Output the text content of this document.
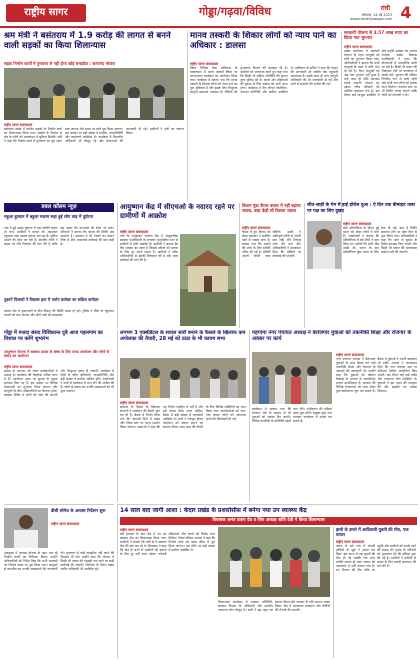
राष्ट्रीय सागर	गोड्डा/गढ़वा/विविध	रांची
सोमवार, 14 मई 2023
www.rashtriyasagar.com 4
श्रम मंत्री ने बसंतराय में 1.9 करोड़ की लागत से बनने वाली सड़कों का किया शिलान्यास
सड़क निर्माण कार्यों में गुणवत्ता से नहीं होगा कोई समझौता : सत्यानंद भोक्ता
राष्ट्रीय सागर संवाददाता

बसंतराय प्रखंड में ग्रामीण सड़कों के निर्माण कार्य का शिलान्यास किया गया। सड़कों के निर्माण से क्षेत्र के लोगों को आवागमन में सुविधा मिलेगी। मंत्री ने कहा कि निर्माण कार्य में गुणवत्ता का पूरा ध्यान रखा जाएगा और समय पर कार्य पूरा किया जाएगा। इस अवसर पर बड़ी संख्या में ग्रामीण, जनप्रतिनिधि और कार्यकर्ता उपस्थित थे। कार्यक्रम में विभागीय अधिकारी भी मौजूद रहे और योजनाओं की जानकारी दी गई। ग्रामीणों ने मंत्री का स्वागत किया।

मानव तस्करी के शिकार लोगों को न्याय पाने का अधिकार : डालसा
राष्ट्रीय सागर संवाददाता

जिला विधिक सेवा प्राधिकार के तत्वावधान में मानव तस्करी विषय पर जागरूकता कार्यक्रम का आयोजन किया गया। कार्यक्रम में बताया गया कि मानव तस्करी के शिकार लोगों को न्याय पाने का पूरा अधिकार है और इसके लिए निःशुल्क कानूनी सहायता उपलब्ध है। पीड़ितों को मुआवजा दिलाने की व्यवस्था भी है। ग्रामीणों को जागरूक करते हुए कहा गया कि किसी भी संदिग्ध गतिविधि की सूचना तुरंत पुलिस को दें। बच्चों और महिलाओं की सुरक्षा के लिए समाज को आगे आना होगा। कार्यक्रम में पैरा लीगल वॉलंटियर, पंचायत प्रतिनिधि और ग्रामीण उपस्थित थे। प्राधिकार के सचिव ने कहा कि कानून की जानकारी हर व्यक्ति तक पहुंचानी आवश्यक है। इसके साथ ही अन्य कानूनी अधिकारों की भी जानकारी दी गई और सभी से सहयोग की अपील की गई।

सरकारी योजना से 3.57 लाख रुपए का किया गया भुगतान
राष्ट्रीय सागर संवाददाता

प्रखंड कार्यालय में सरकारी योजना के तहत लाभुकों को राशि का भुगतान किया गया। अधिकारियों ने बताया कि सभी लाभुकों के खाते में राशि भेज दी गई है। जिन लाभुकों को अब तक भुगतान नहीं हुआ है उन्हें जल्द ही राशि उपलब्ध कराई जाएगी। योजना का उद्देश्य गरीब परिवारों को आर्थिक सहायता देना है। इस दौरान कई लाभुक उपस्थित थे और उन्होंने सरकार का आभार जताया। प्रखंड विकास पदाधिकारी ने कहा कि योजनाओं में पारदर्शिता बरती जा रही है। किसी भी प्रकार की शिकायत होने पर कार्यालय में संपर्क करें। भुगतान की प्रक्रिया नियमित रूप से जारी रहेगी और सभी पात्र लोगों को इसका लाभ मिलेगा। पंचायत स्तर पर भी शिविर लगाए जाएंगे ताकि लोगों को परेशानी न हो।

डबल कॉलम न्यूज़
महुआ हुल्यान में बहुला मकाम सहा हुई लोग ताड़ में दुर्घटना

गांव में हुई सड़क दुर्घटना में एक व्यक्ति घायल हो गया। ग्रामीणों ने घायल को अस्पताल पहुंचाया जहां उसका इलाज चल रहा है। पुलिस मामले की जांच कर रही है। स्थानीय लोगों ने सड़क पर गति नियंत्रण की मांग की है ताकि इस प्रकार की घटनाओं को रोका जा सके। परिजनों ने बताया कि घायल की स्थिति अब सामान्य है। प्रशासन ने भी मामले का संज्ञान लिया है और आवश्यक कार्रवाई की बात कही है।

आयुष्मान केंद्र में सीएचओ के नदारद रहने पर ग्रामीणों में आक्रोश
राष्ट्रीय सागर संवाददाता

गांव के आयुष्मान आरोग्य केंद्र में सामुदायिक स्वास्थ्य पदाधिकारी के लगातार अनुपस्थित रहने से ग्रामीणों में भारी आक्रोश है। ग्रामीणों ने बताया कि केंद्र अक्सर बंद रहता है जिससे मरीजों को इलाज के लिए दूर जाना पड़ता है। ग्रामीणों ने वरीय अधिकारियों से इसकी शिकायत की है और जल्द कार्रवाई की मांग की है।

किशन मुंडा कैंपस बवाल में नहीं बढ़ाया जवाब, कहा केंद्री सी विशला जवाब
राष्ट्रीय सागर संवाददाता

कैंपस में हुए विवाद को लेकर प्रशासन ने संबंधित पक्षों से जवाब मांगा है। बताया गया कि मामले की जांच के लिए समिति गठित की गई है। समिति अपनी रिपोर्ट जल्द सौंपेगी। छात्रों ने शांतिपूर्ण तरीके से अपनी बात रखी और निष्पक्ष जांच की मांग की। अधिकारियों ने आश्वासन दिया कि दोषियों पर कार्रवाई की जाएगी।

जीत-साही के गेम में हाई होरोल दुआ : ऐ दिन तक बीमाहत ताबा पर पक्ष का लिए दुखद
राष्ट्रीय सागर संवाददाता

खेल प्रतियोगिता के दौरान हुई घटना को लेकर लोगों में चर्चा है। आयोजकों ने बताया कि प्रतियोगिता में कई टीमों ने भाग लिया था। दर्शकों की भारी भीड़ उमड़ी थी। घटना के बाद प्रतियोगिता कुछ समय के लिए रोक दी गई। बाद में स्थिति सामान्य होने पर खेल फिर से शुरू किया गया। अधिकारियों ने कहा कि आगे से सुरक्षा के विशेष इंतजाम किए जाएंगे और किसी भी प्रकार की अव्यवस्था बर्दाश्त नहीं की जाएगी।

दुकानें पिशाचों ने विकास हात में पर्याय कलेक्ट का सक्रिय कर्मदार

बाजार क्षेत्र में दुकानदारों के बीच विवाद की स्थिति उत्पन्न हो गई। पुलिस ने मौके पर पहुंचकर मामले को शांत कराया और दोनों पक्षों को समझाया।

लगभग 3 एक्सीडेंटल के सवाल सारी बनाने के फैसले के खिलाफ कम अपोलका की तैयारी, 28 मई को ठाठा के भी कायम सभा
राष्ट्रीय सागर संवाददाता

सरकार के फैसले के खिलाफ संगठनों ने आंदोलन की तैयारी शुरू कर दी है। बैठक में निर्णय लिया गया कि आगामी दिनों में प्रखंड और जिला स्तर पर धरना प्रदर्शन किया जाएगा। वक्ताओं ने कहा कि यह निर्णय जनहित में नहीं है और इसे वापस लिया जाना चाहिए। बैठक में बड़ी संख्या में कार्यकर्ता उपस्थित थे। सभी ने एकजुट होकर आंदोलन को सफल बनाने का संकल्प लिया। आम सभा की तैयारी के लिए विभिन्न समितियों का गठन किया गया। कार्यकर्ताओं को गांव-गांव जाकर लोगों को जागरूक करने की जिम्मेदारी दी गई।

महगामा नगर पंचायत अध्यक्ष ने बेरोजगार युवाओं को तकनीकी शिक्षा और रोजगार के अवसर पर कार्य
राष्ट्रीय सागर संवाददाता

नगर पंचायत अध्यक्ष ने बेरोजगार युवाओं के साथ बैठक कर उन्हें तकनीकी शिक्षा और रोजगार के अवसरों की जानकारी दी। उन्होंने कहा कि युवाओं को कौशल विकास के माध्यम से आत्मनिर्भर बनाना प्राथमिकता है। सरकार की विभिन्न योजनाओं का लाभ लेकर युवा स्वरोजगार शुरू कर सकते हैं। बैठक में युवाओं ने अपनी समस्याएं भी रखीं। अध्यक्ष ने आश्वासन दिया कि नगर पंचायत स्तर पर प्रशिक्षण शिविर आयोजित किए जाएंगे। इस दौरान कई वार्ड पार्षद और गणमान्य लोग उपस्थित थे। युवाओं ने इस पहल की सराहना की और सहयोग का भरोसा दिलाया।

कार्यक्रम में बताया गया कि रोजगार मेले के माध्यम से भी युवाओं को अवसर दिए जाएंगे। विभिन्न कंपनियों के प्रतिनिधि इसमें भाग लेंगे। पंजीकरण की प्रक्रिया जल्द शुरू होगी। इच्छुक युवा नगर पंचायत कार्यालय में संपर्क कर सकते हैं।

गोड्डा में मजदा संसद विशिकान्त दुबे आज पहलगाम का विशाल पर करेंगे शुभारंभ
आयुष्मान योजना में स्वास्थ्य प्रयास के संबंध के लिए समग्र आयोजन और लोगों से संवाद का आयोजन
राष्ट्रीय सागर संवाददाता

सांसद के आगमन को लेकर कार्यकर्ताओं में उत्साह है। कार्यक्रम की तैयारियां अंतिम चरण में हैं। आयोजन स्थल पर सुरक्षा के पुख्ता इंतजाम किए गए हैं। इस अवसर पर विभिन्न योजनाओं का शुभारंभ किया जाएगा और लाभुकों के बीच परिसंपत्तियों का वितरण होगा। स्वास्थ्य शिविर में लोगों की जांच की जाएगी और निःशुल्क दवाएं दी जाएंगी। कार्यक्रम में जिले के वरीय अधिकारी, जनप्रतिनिधि और बड़ी संख्या में ग्रामीण शामिल होंगे। आयोजकों ने सभी से कार्यक्रम में भाग लेने की अपील की है। लोगों से संवाद कर उनकी समस्याओं को भी सुना जाएगा।

डीसी सोमेश के आवास निर्देशन शुरू
राष्ट्रीय सागर संवाददाता

उपायुक्त ने आवास योजना के तहत चल रहे निर्माण कार्यों का निरीक्षण किया। उन्होंने अधिकारियों को निर्देश दिया कि सभी आवासों का निर्माण समय पर पूरा किया जाए। लाभुकों से बातचीत कर उनकी समस्याओं की जानकारी ली। गुणवत्ता से कोई समझौता नहीं करने की हिदायत दी गई। उन्होंने कहा कि योजना में किसी भी प्रकार की गड़बड़ी पाए जाने पर कड़ी कार्रवाई की जाएगी। निरीक्षण के दौरान प्रखंड स्तरीय अधिकारी भी उपस्थित रहे।

14 साल बाद जागी आशा : केदार प्रखंड के प्रशसोसीस में बनेगा नया उप स्वास्थ्य केंद्र
विधायक अनंत प्रताप देव व जिप अध्यक्ष शांति देवी ने किया शिलान्यास
राष्ट्रीय सागर संवाददाता

लंबे इंतजार के बाद क्षेत्र में नए उप स्वास्थ्य केंद्र का शिलान्यास किया गया। ग्रामीणों ने बताया कि वर्षों से वे स्वास्थ्य केंद्र की मांग कर रहे थे। विधायक ने कहा कि केंद्र के बनने से ग्रामीणों को इलाज के लिए दूर नहीं जाना पड़ेगा। गर्भवती महिलाओं और बच्चों को विशेष लाभ मिलेगा। जिला परिषद अध्यक्ष ने कहा कि निर्माण कार्य तय समय सीमा में पूरा किया जाएगा। इस मौके पर बड़ी संख्या में ग्रामीण उपस्थित थे।

शिलान्यास कार्यक्रम में पंचायत प्रतिनिधि, स्वास्थ्य विभाग के अधिकारी और स्थानीय गणमान्य लोग मौजूद थे। सभी ने इस पहल का स्वागत किया और सरकार के प्रति आभार व्यक्त किया। केंद्र में आवश्यक उपकरण और कर्मियों की तैनाती की जाएगी।

हाथी के हमले में आदिवासी युवती की मौत, एक घायल
राष्ट्रीय सागर संवाददाता

जंगल से सटे गांव में जंगली हाथियों के झुंड ने हमला कर दिया। इस घटना में एक युवती की मौत हो गई जबकि एक अन्य व्यक्ति घायल हो गया। घायल को अस्पताल में भर्ती कराया गया है। वन विभाग की टीम मौके पर पहुंची और ग्रामीणों को सतर्क रहने की सलाह दी। मृतक के परिजनों को मुआवजा देने की प्रक्रिया शुरू की गई है। ग्रामीणों ने हाथियों से बचाव के लिए स्थायी समाधान की मांग की है।
